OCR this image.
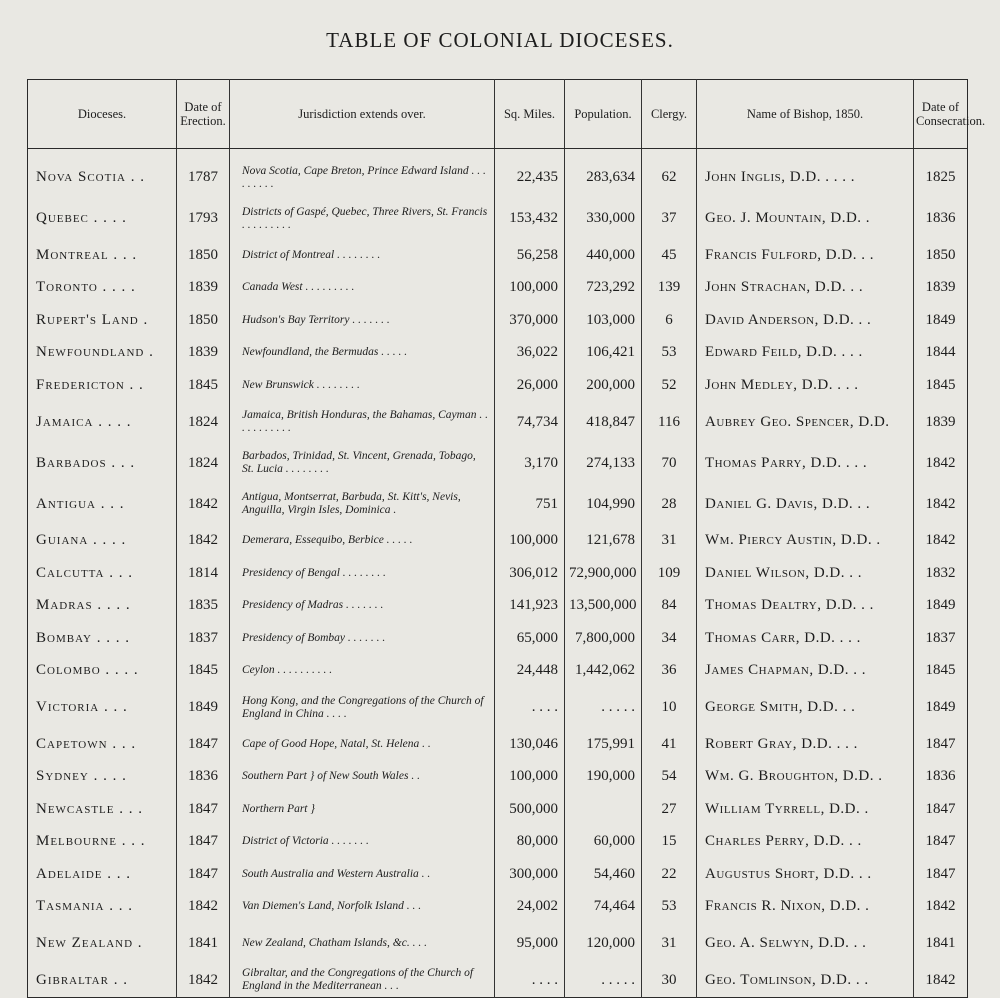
TABLE OF COLONIAL DIOCESES.
Dioceses.	Date of Erection.	Jurisdiction extends over.	Sq. Miles.	Population.	Clergy.	Name of Bishop, 1850.	Date of Consecration.
Nova Scotia . .	1787	Nova Scotia, Cape Breton, Prince Edward Island . . . . . . . . .	22,435	283,634	62	John Inglis, D.D. . . . .	1825
Quebec . . . .	1793	Districts of Gaspé, Quebec, Three Rivers, St. Francis . . . . . . . . .	153,432	330,000	37	Geo. J. Mountain, D.D. .	1836
Montreal . . .	1850	District of Montreal . . . . . . . .	56,258	440,000	45	Francis Fulford, D.D. . .	1850
Toronto . . . .	1839	Canada West . . . . . . . . .	100,000	723,292	139	John Strachan, D.D. . .	1839
Rupert's Land .	1850	Hudson's Bay Territory . . . . . . .	370,000	103,000	6	David Anderson, D.D. . .	1849
Newfoundland .	1839	Newfoundland, the Bermudas . . . . .	36,022	106,421	53	Edward Feild, D.D. . . .	1844
Fredericton . .	1845	New Brunswick . . . . . . . .	26,000	200,000	52	John Medley, D.D. . . .	1845
Jamaica . . . .	1824	Jamaica, British Honduras, the Bahamas, Cayman . . . . . . . . . . .	74,734	418,847	116	Aubrey Geo. Spencer, D.D.	1839
Barbados . . .	1824	Barbados, Trinidad, St. Vincent, Grenada, Tobago, St. Lucia . . . . . . . .	3,170	274,133	70	Thomas Parry, D.D. . . .	1842
Antigua . . .	1842	Antigua, Montserrat, Barbuda, St. Kitt's, Nevis, Anguilla, Virgin Isles, Dominica .	751	104,990	28	Daniel G. Davis, D.D. . .	1842
Guiana . . . .	1842	Demerara, Essequibo, Berbice . . . . .	100,000	121,678	31	Wm. Piercy Austin, D.D. .	1842
Calcutta . . .	1814	Presidency of Bengal . . . . . . . .	306,012	72,900,000	109	Daniel Wilson, D.D. . .	1832
Madras . . . .	1835	Presidency of Madras . . . . . . .	141,923	13,500,000	84	Thomas Dealtry, D.D. . .	1849
Bombay . . . .	1837	Presidency of Bombay . . . . . . .	65,000	7,800,000	34	Thomas Carr, D.D. . . .	1837
Colombo . . . .	1845	Ceylon . . . . . . . . . .	24,448	1,442,062	36	James Chapman, D.D. . .	1845
Victoria . . .	1849	Hong Kong, and the Congregations of the Church of England in China . . . .	. . . .	. . . . .	10	George Smith, D.D. . .	1849
Capetown . . .	1847	Cape of Good Hope, Natal, St. Helena . .	130,046	175,991	41	Robert Gray, D.D. . . .	1847
Sydney . . . .	1836	Southern Part } of New South Wales . .	100,000	190,000	54	Wm. G. Broughton, D.D. .	1836
Newcastle . . .	1847	Northern Part }	500,000		27	William Tyrrell, D.D. .	1847
Melbourne . . .	1847	District of Victoria . . . . . . .	80,000	60,000	15	Charles Perry, D.D. . .	1847
Adelaide . . .	1847	South Australia and Western Australia . .	300,000	54,460	22	Augustus Short, D.D. . .	1847
Tasmania . . .	1842	Van Diemen's Land, Norfolk Island . . .	24,002	74,464	53	Francis R. Nixon, D.D. .	1842
New Zealand .	1841	New Zealand, Chatham Islands, &c. . . .	95,000	120,000	31	Geo. A. Selwyn, D.D. . .	1841
Gibraltar . .	1842	Gibraltar, and the Congregations of the Church of England in the Mediterranean . . .	. . . .	. . . . .	30	Geo. Tomlinson, D.D. . .	1842
